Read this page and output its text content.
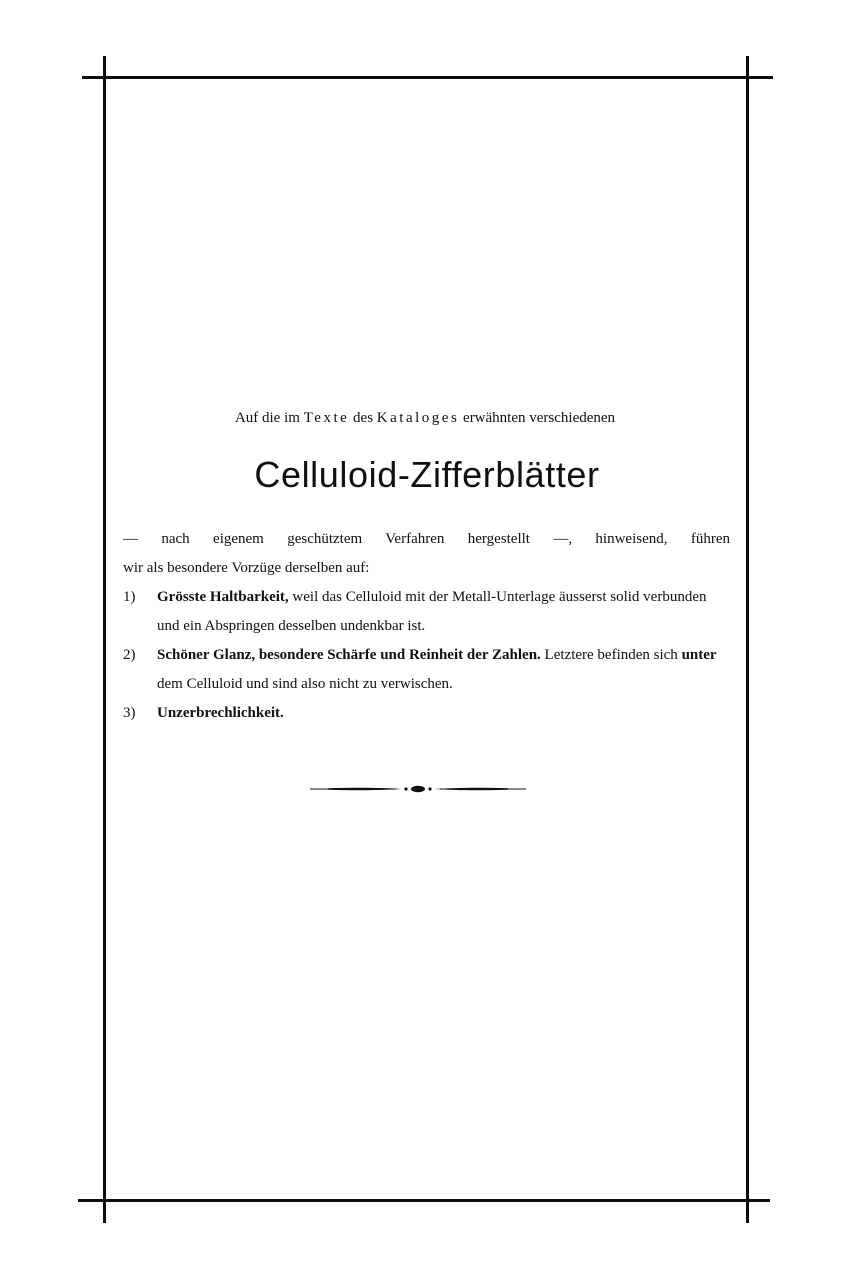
Auf die im Texte des Kataloges erwähnten verschiedenen
Celluloid-Zifferblätter
— nach eigenem geschütztem Verfahren hergestellt —, hinweisend, führen
wir als besondere Vorzüge derselben auf:
1)	Grösste Haltbarkeit, weil das Celluloid mit der Metall-Unterlage äusserst solid verbunden und ein Abspringen desselben undenkbar ist.
2)	Schöner Glanz, besondere Schärfe und Reinheit der Zahlen. Letztere befinden sich unter dem Celluloid und sind also nicht zu verwischen.
3)	Unzerbrechlichkeit.
